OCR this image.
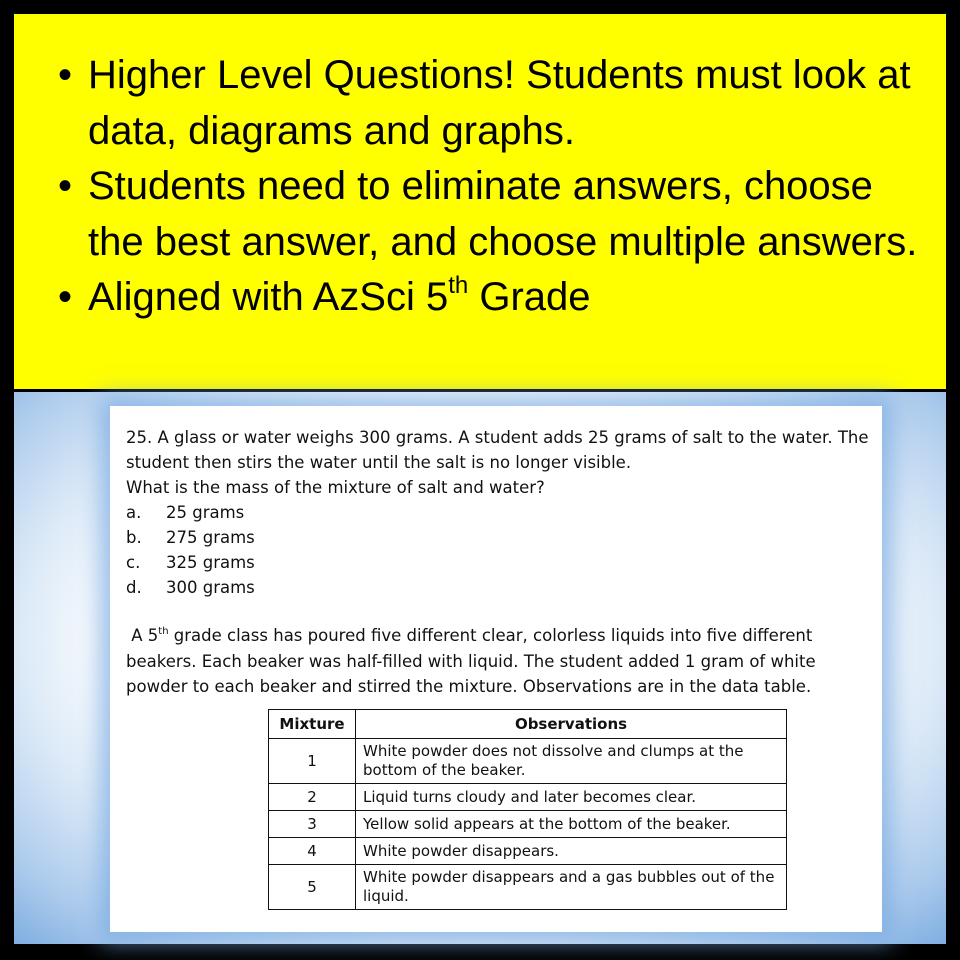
• Higher Level Questions! Students must look at data, diagrams and graphs.
• Students need to eliminate answers, choose the best answer, and choose multiple answers.
• Aligned with AzSci 5th Grade

25. A glass or water weighs 300 grams. A student adds 25 grams of salt to the water. The student then stirs the water until the salt is no longer visible.

What is the mass of the mixture of salt and water?

a.	25 grams
b.	275 grams
c.	325 grams
d.	300 grams

A 5th grade class has poured five different clear, colorless liquids into five different beakers. Each beaker was half-filled with liquid. The student added 1 gram of white powder to each beaker and stirred the mixture. Observations are in the data table.

Mixture	Observations
1	White powder does not dissolve and clumps at the bottom of the beaker.
2	Liquid turns cloudy and later becomes clear.
3	Yellow solid appears at the bottom of the beaker.
4	White powder disappears.
5	White powder disappears and a gas bubbles out of the liquid.
